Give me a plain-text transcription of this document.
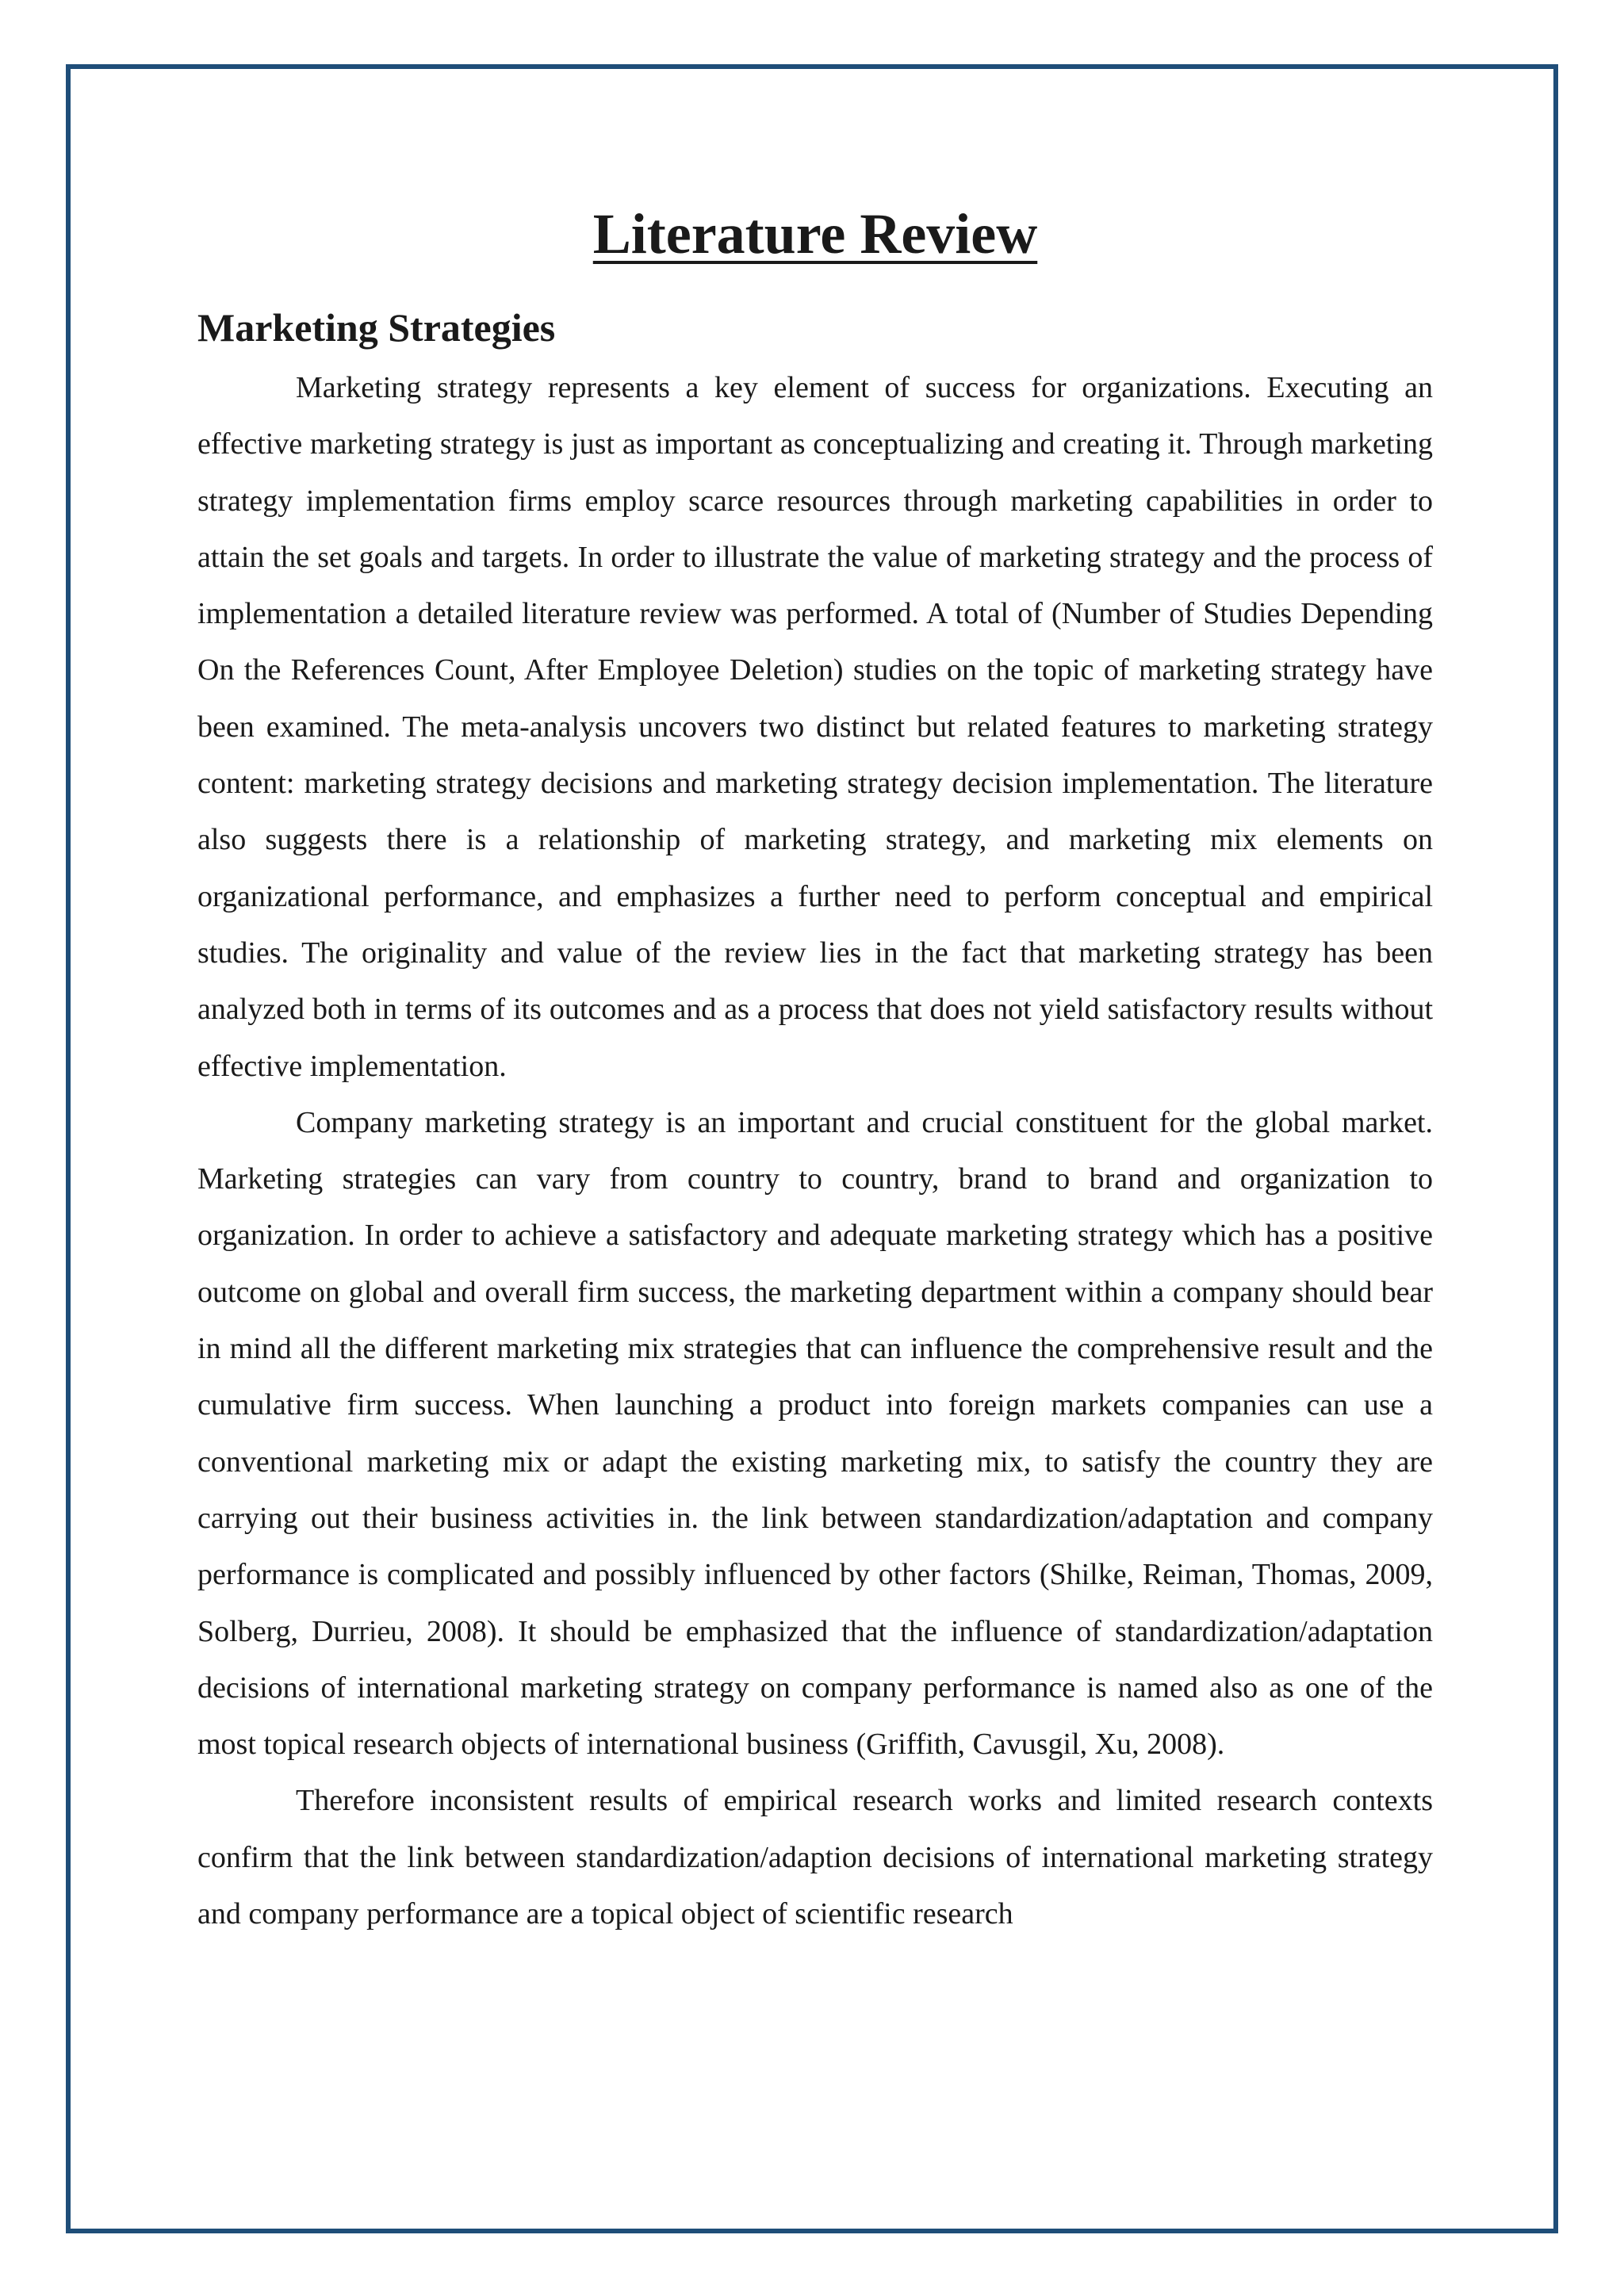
Literature Review
Marketing Strategies

Marketing strategy represents a key element of success for organizations. Executing an effective marketing strategy is just as important as conceptualizing and creating it. Through marketing strategy implementation firms employ scarce resources through marketing capabilities in order to attain the set goals and targets. In order to illustrate the value of marketing strategy and the process of implementation a detailed literature review was performed. A total of (Number of Studies Depending On the References Count, After Employee Deletion) studies on the topic of marketing strategy have been examined. The meta-analysis uncovers two distinct but related features to marketing strategy content: marketing strategy decisions and marketing strategy decision implementation. The literature also suggests there is a relationship of marketing strategy, and marketing mix elements on organizational performance, and emphasizes a further need to perform conceptual and empirical studies. The originality and value of the review lies in the fact that marketing strategy has been analyzed both in terms of its outcomes and as a process that does not yield satisfactory results without effective implementation.

Company marketing strategy is an important and crucial constituent for the global market. Marketing strategies can vary from country to country, brand to brand and organization to organization. In order to achieve a satisfactory and adequate marketing strategy which has a positive outcome on global and overall firm success, the marketing department within a company should bear in mind all the different marketing mix strategies that can influence the comprehensive result and the cumulative firm success. When launching a product into foreign markets companies can use a conventional marketing mix or adapt the existing marketing mix, to satisfy the country they are carrying out their business activities in. the link between standardization/adaptation and company performance is complicated and possibly influenced by other factors (Shilke, Reiman, Thomas, 2009, Solberg, Durrieu, 2008). It should be emphasized that the influence of standardization/adaptation decisions of international marketing strategy on company performance is named also as one of the most topical research objects of international business (Griffith, Cavusgil, Xu, 2008).

Therefore inconsistent results of empirical research works and limited research contexts confirm that the link between standardization/adaption decisions of international marketing strategy and company performance are a topical object of scientific research
